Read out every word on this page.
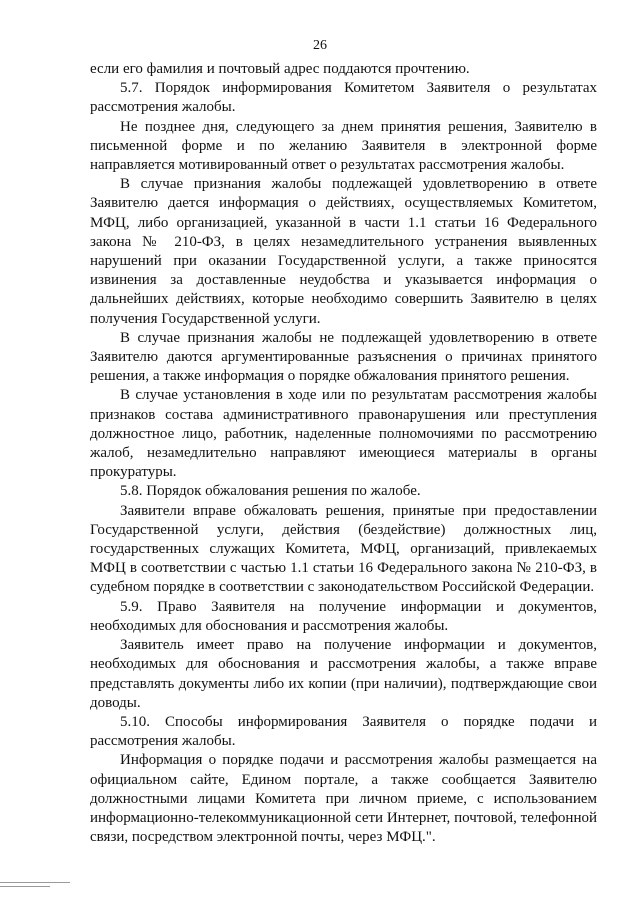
26

если его фамилия и почтовый адрес поддаются прочтению.

5.7. Порядок информирования Комитетом Заявителя о результатах рассмотрения жалобы.

Не позднее дня, следующего за днем принятия решения, Заявителю в письменной форме и по желанию Заявителя в электронной форме направляется мотивированный ответ о результатах рассмотрения жалобы.

В случае признания жалобы подлежащей удовлетворению в ответе Заявителю дается информация о действиях, осуществляемых Комитетом, МФЦ, либо организацией, указанной в части 1.1 статьи 16 Федерального закона № 210-ФЗ, в целях незамедлительного устранения выявленных нарушений при оказании Государственной услуги, а также приносятся извинения за доставленные неудобства и указывается информация о дальнейших действиях, которые необходимо совершить Заявителю в целях получения Государственной услуги.

В случае признания жалобы не подлежащей удовлетворению в ответе Заявителю даются аргументированные разъяснения о причинах принятого решения, а также информация о порядке обжалования принятого решения.

В случае установления в ходе или по результатам рассмотрения жалобы признаков состава административного правонарушения или преступления должностное лицо, работник, наделенные полномочиями по рассмотрению жалоб, незамедлительно направляют имеющиеся материалы в органы прокуратуры.

5.8. Порядок обжалования решения по жалобе.

Заявители вправе обжаловать решения, принятые при предоставлении Государственной услуги, действия (бездействие) должностных лиц, государственных служащих Комитета, МФЦ, организаций, привлекаемых МФЦ в соответствии с частью 1.1 статьи 16 Федерального закона № 210-ФЗ, в судебном порядке в соответствии с законодательством Российской Федерации.

5.9. Право Заявителя на получение информации и документов, необходимых для обоснования и рассмотрения жалобы.

Заявитель имеет право на получение информации и документов, необходимых для обоснования и рассмотрения жалобы, а также вправе представлять документы либо их копии (при наличии), подтверждающие свои доводы.

5.10. Способы информирования Заявителя о порядке подачи и рассмотрения жалобы.

Информация о порядке подачи и рассмотрения жалобы размещается на официальном сайте, Едином портале, а также сообщается Заявителю должностными лицами Комитета при личном приеме, с использованием информационно-телекоммуникационной сети Интернет, почтовой, телефонной связи, посредством электронной почты, через МФЦ.".
